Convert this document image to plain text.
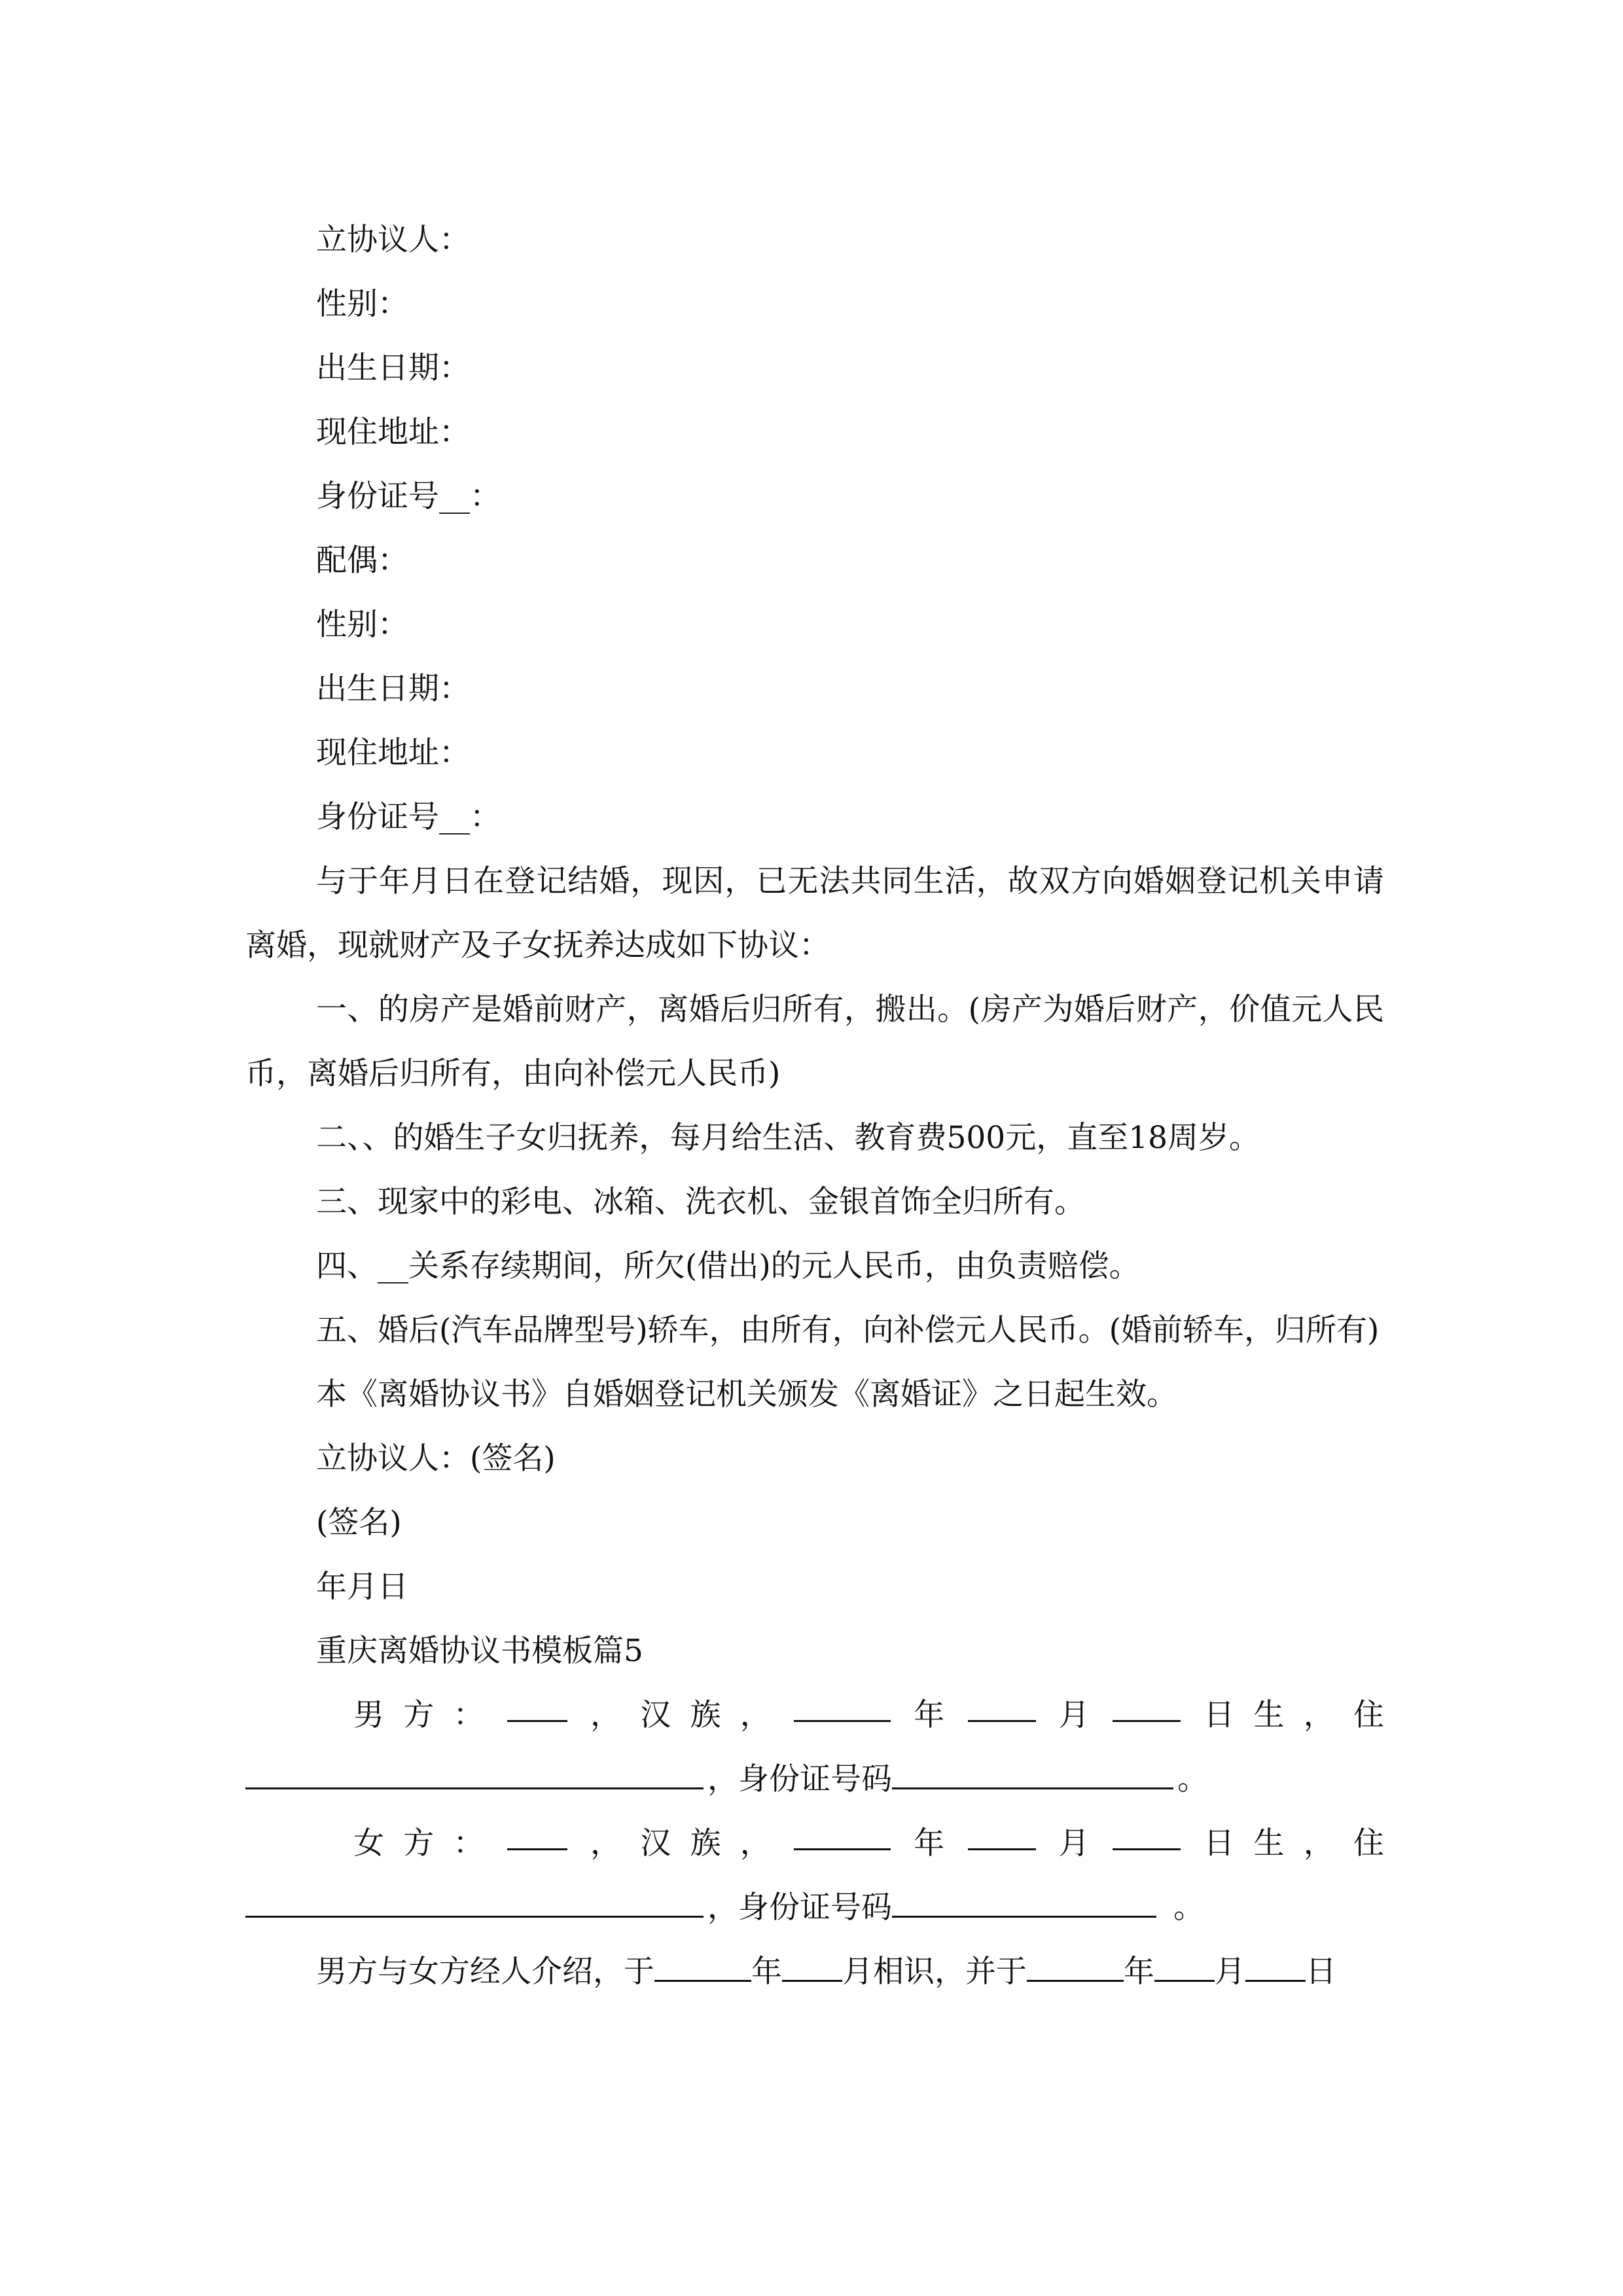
立协议人：
性别：
出生日期：
现住地址：
身份证号__：
配偶：
性别：
出生日期：
现住地址：
身份证号__：
与于年月日在登记结婚，现因，已无法共同生活，故双方向婚姻登记机关申请离婚，现就财产及子女抚养达成如下协议：
一、的房产是婚前财产，离婚后归所有，搬出。(房产为婚后财产，价值元人民币，离婚后归所有，由向补偿元人民币)
二、、的婚生子女归抚养，每月给生活、教育费500元，直至18周岁。
三、现家中的彩电、冰箱、洗衣机、金银首饰全归所有。
四、__关系存续期间，所欠(借出)的元人民币，由负责赔偿。
五、婚后(汽车品牌型号)轿车，由所有，向补偿元人民币。(婚前轿车，归所有)
本《离婚协议书》自婚姻登记机关颁发《离婚证》之日起生效。
立协议人：(签名)
(签名)
年月日
重庆离婚协议书模板篇5
男 方 ：	， 汉 族 ，	年	月	日 生 ， 住
，身份证号码	。
女 方 ：	， 汉 族 ，	年	月	日 生 ， 住
，身份证号码	。
男方与女方经人介绍，于	年 月相识，并于	年 月 日
